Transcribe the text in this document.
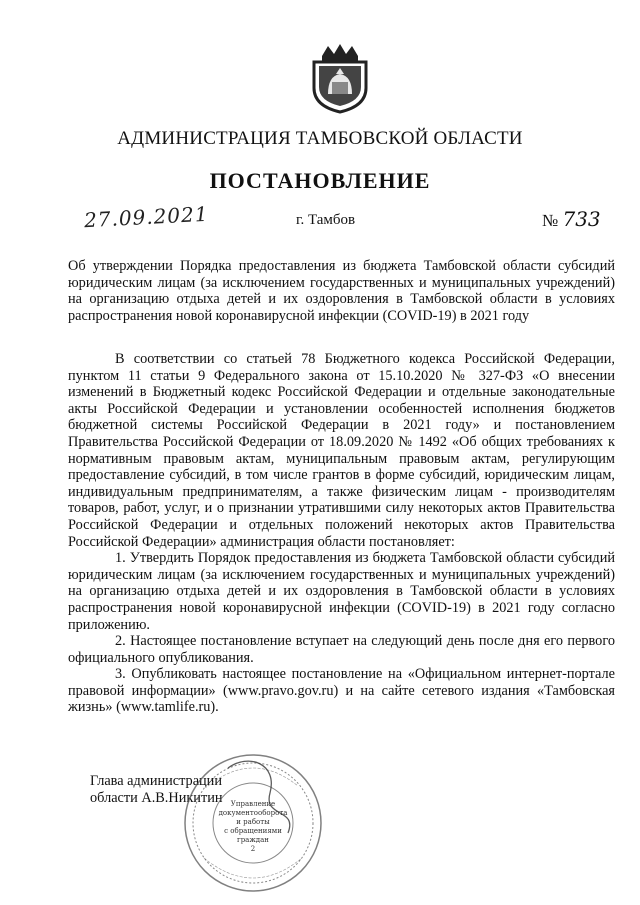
АДМИНИСТРАЦИЯ ТАМБОВСКОЙ ОБЛАСТИ
ПОСТАНОВЛЕНИЕ
27.09.2021	г. Тамбов	№ 733
Об утверждении Порядка предоставления из бюджета Тамбовской области субсидий юридическим лицам (за исключением государственных и муниципальных учреждений) на организацию отдыха детей и их оздоровления в Тамбовской области в условиях распространения новой коронавирусной инфекции (COVID-19) в 2021 году

В соответствии со статьей 78 Бюджетного кодекса Российской Федерации, пунктом 11 статьи 9 Федерального закона от 15.10.2020 № 327-ФЗ «О внесении изменений в Бюджетный кодекс Российской Федерации и отдельные законодательные акты Российской Федерации и установлении особенностей исполнения бюджетов бюджетной системы Российской Федерации в 2021 году» и постановлением Правительства Российской Федерации от 18.09.2020 № 1492 «Об общих требованиях к нормативным правовым актам, муниципальным правовым актам, регулирующим предоставление субсидий, в том числе грантов в форме субсидий, юридическим лицам, индивидуальным предпринимателям, а также физическим лицам - производителям товаров, работ, услуг, и о признании утратившими силу некоторых актов Правительства Российской Федерации и отдельных положений некоторых актов Правительства Российской Федерации» администрация области постановляет:

1. Утвердить Порядок предоставления из бюджета Тамбовской области субсидий юридическим лицам (за исключением государственных и муниципальных учреждений) на организацию отдыха детей и их оздоровления в Тамбовской области в условиях распространения новой коронавирусной инфекции (COVID-19) в 2021 году согласно приложению.

2. Настоящее постановление вступает на следующий день после дня его первого официального опубликования.

3. Опубликовать настоящее постановление на «Официальном интернет-портале правовой информации» (www.pravo.gov.ru) и на сайте сетевого издания «Тамбовская жизнь» (www.tamlife.ru).

Глава администрации
области А.В.Никитин Управление
документооборота
и работы
с обращениями
граждан
2
